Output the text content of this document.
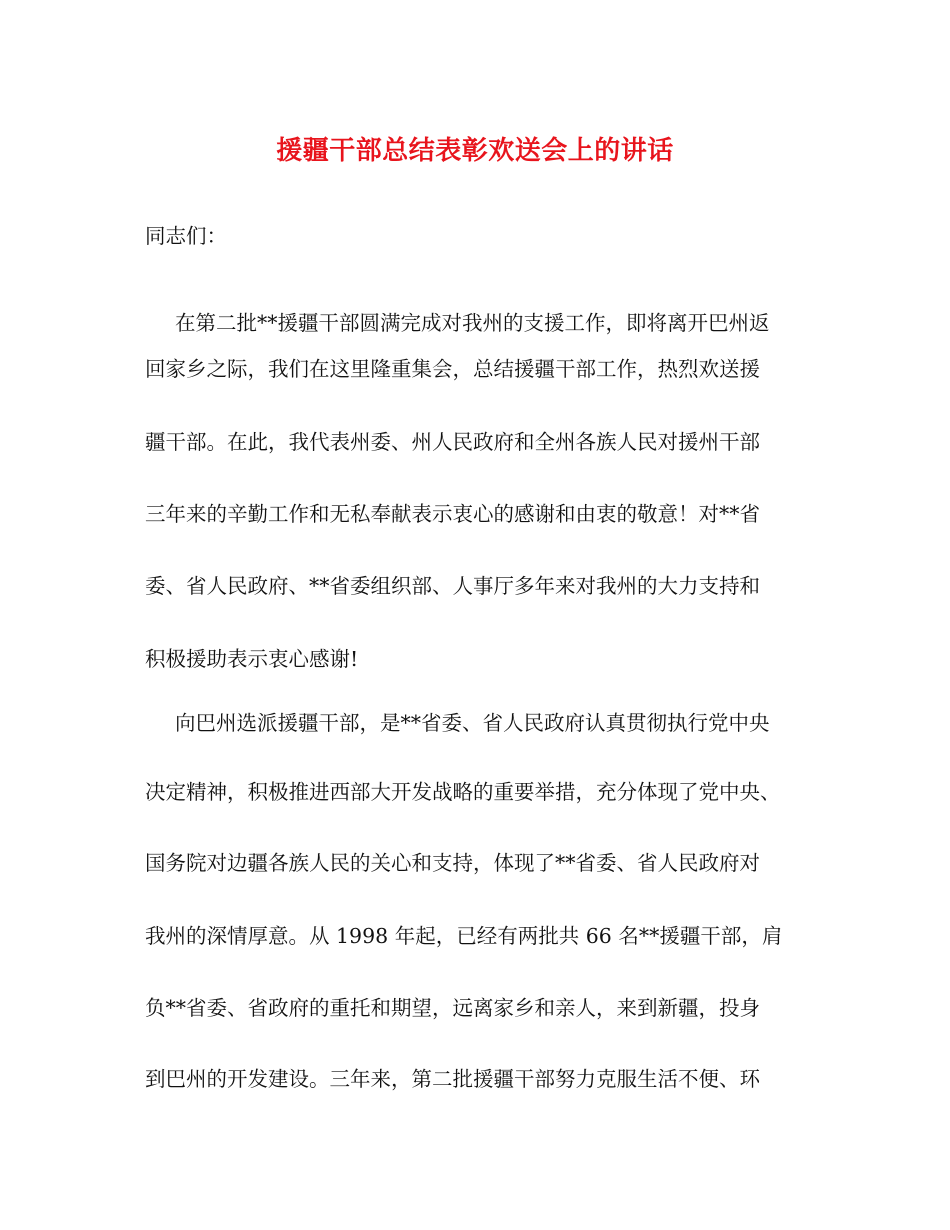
援疆干部总结表彰欢送会上的讲话
同志们：
在第二批**援疆干部圆满完成对我州的支援工作，即将离开巴州返
回家乡之际，我们在这里隆重集会，总结援疆干部工作，热烈欢送援
疆干部。在此，我代表州委、州人民政府和全州各族人民对援州干部
三年来的辛勤工作和无私奉献表示衷心的感谢和由衷的敬意！对**省
委、省人民政府、**省委组织部、人事厅多年来对我州的大力支持和
积极援助表示衷心感谢!
向巴州选派援疆干部，是**省委、省人民政府认真贯彻执行党中央
决定精神，积极推进西部大开发战略的重要举措，充分体现了党中央、
国务院对边疆各族人民的关心和支持，体现了**省委、省人民政府对
我州的深情厚意。从 1998 年起，已经有两批共 66 名**援疆干部，肩
负**省委、省政府的重托和期望，远离家乡和亲人，来到新疆，投身
到巴州的开发建设。三年来，第二批援疆干部努力克服生活不便、环
